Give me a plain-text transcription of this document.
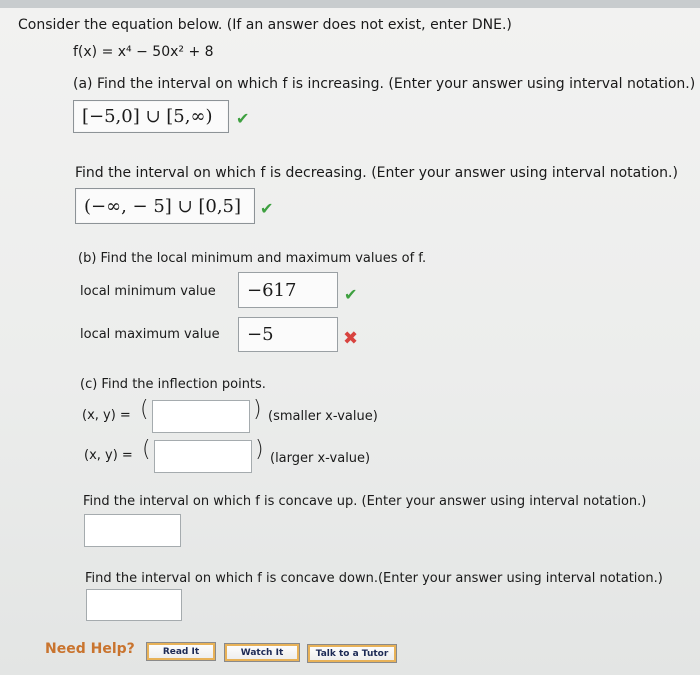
Consider the equation below. (If an answer does not exist, enter DNE.)
f(x) = x⁴ − 50x² + 8
(a) Find the interval on which f is increasing. (Enter your answer using interval notation.)
[−5,0] ∪ [5,∞) ✔
Find the interval on which f is decreasing. (Enter your answer using interval notation.)
(−∞, − 5] ∪ [0,5] ✔
(b) Find the local minimum and maximum values of f.
local minimum value −617	✔
local maximum value −5	✖
(c) Find the inflection points.
(x, y) = (	) (smaller x-value)
(x, y) = (	) (larger x-value)
Find the interval on which f is concave up. (Enter your answer using interval notation.)
Find the interval on which f is concave down.(Enter your answer using interval notation.)
Need Help?	Read It	Watch It	Talk to a Tutor
